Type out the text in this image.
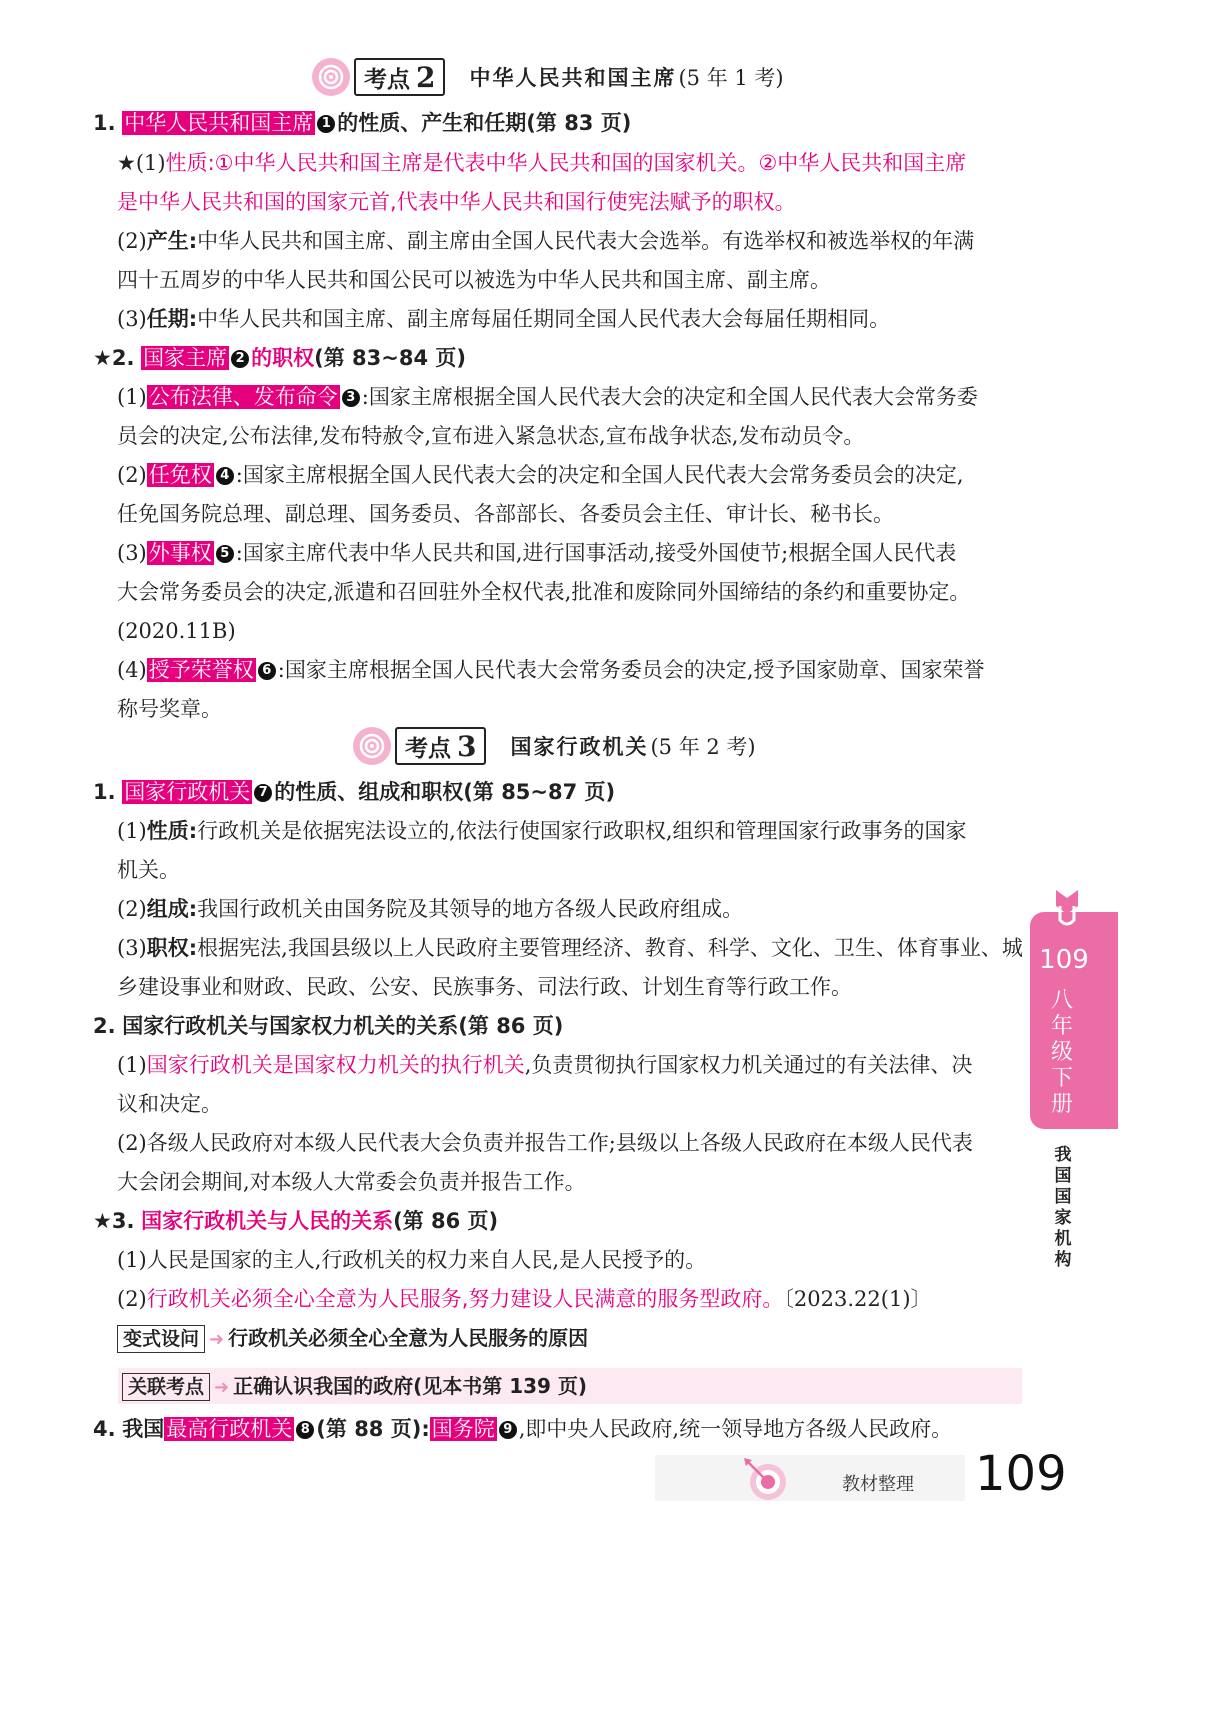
考点 2 中华人民共和国主席 (5 年 1 考)
1. 中华人民共和国主席 1 的性质、产生和任期(第 83 页)
★(1)性质:①中华人民共和国主席是代表中华人民共和国的国家机关。②中华人民共和国主席
是中华人民共和国的国家元首,代表中华人民共和国行使宪法赋予的职权。
(2)产生:中华人民共和国主席、副主席由全国人民代表大会选举。有选举权和被选举权的年满
四十五周岁的中华人民共和国公民可以被选为中华人民共和国主席、副主席。
(3)任期:中华人民共和国主席、副主席每届任期同全国人民代表大会每届任期相同。
★2. 国家主席 2 的职权(第 83~84 页)
(1)公布法律、发布命令 3 :国家主席根据全国人民代表大会的决定和全国人民代表大会常务委
员会的决定,公布法律,发布特赦令,宣布进入紧急状态,宣布战争状态,发布动员令。
(2)任免权 4 :国家主席根据全国人民代表大会的决定和全国人民代表大会常务委员会的决定,
任免国务院总理、副总理、国务委员、各部部长、各委员会主任、审计长、秘书长。
(3)外事权 5 :国家主席代表中华人民共和国,进行国事活动,接受外国使节;根据全国人民代表
大会常务委员会的决定,派遣和召回驻外全权代表,批准和废除同外国缔结的条约和重要协定。
(2020.11B)
(4)授予荣誉权 6 :国家主席根据全国人民代表大会常务委员会的决定,授予国家勋章、国家荣誉
称号奖章。
考点 3 国家行政机关 (5 年 2 考)
1. 国家行政机关 7 的性质、组成和职权(第 85~87 页)
(1)性质:行政机关是依据宪法设立的,依法行使国家行政职权,组织和管理国家行政事务的国家
机关。
(2)组成:我国行政机关由国务院及其领导的地方各级人民政府组成。
(3)职权:根据宪法,我国县级以上人民政府主要管理经济、教育、科学、文化、卫生、体育事业、城
乡建设事业和财政、民政、公安、民族事务、司法行政、计划生育等行政工作。
2. 国家行政机关与国家权力机关的关系(第 86 页)
(1)国家行政机关是国家权力机关的执行机关,负责贯彻执行国家权力机关通过的有关法律、决
议和决定。
(2)各级人民政府对本级人民代表大会负责并报告工作;县级以上各级人民政府在本级人民代表
大会闭会期间,对本级人大常委会负责并报告工作。
★3. 国家行政机关与人民的关系(第 86 页)
(1)人民是国家的主人,行政机关的权力来自人民,是人民授予的。
(2)行政机关必须全心全意为人民服务,努力建设人民满意的服务型政府。〔2023.22(1)〕
变式设问 ➜ 行政机关必须全心全意为人民服务的原因
关联考点 ➜ 正确认识我国的政府(见本书第 139 页)
4. 我国最高行政机关 8 (第 88 页):国务院 9 ,即中央人民政府,统一领导地方各级人民政府。
109
八
年
级
下
册
我
国
国
家
机
构
教材整理 109
